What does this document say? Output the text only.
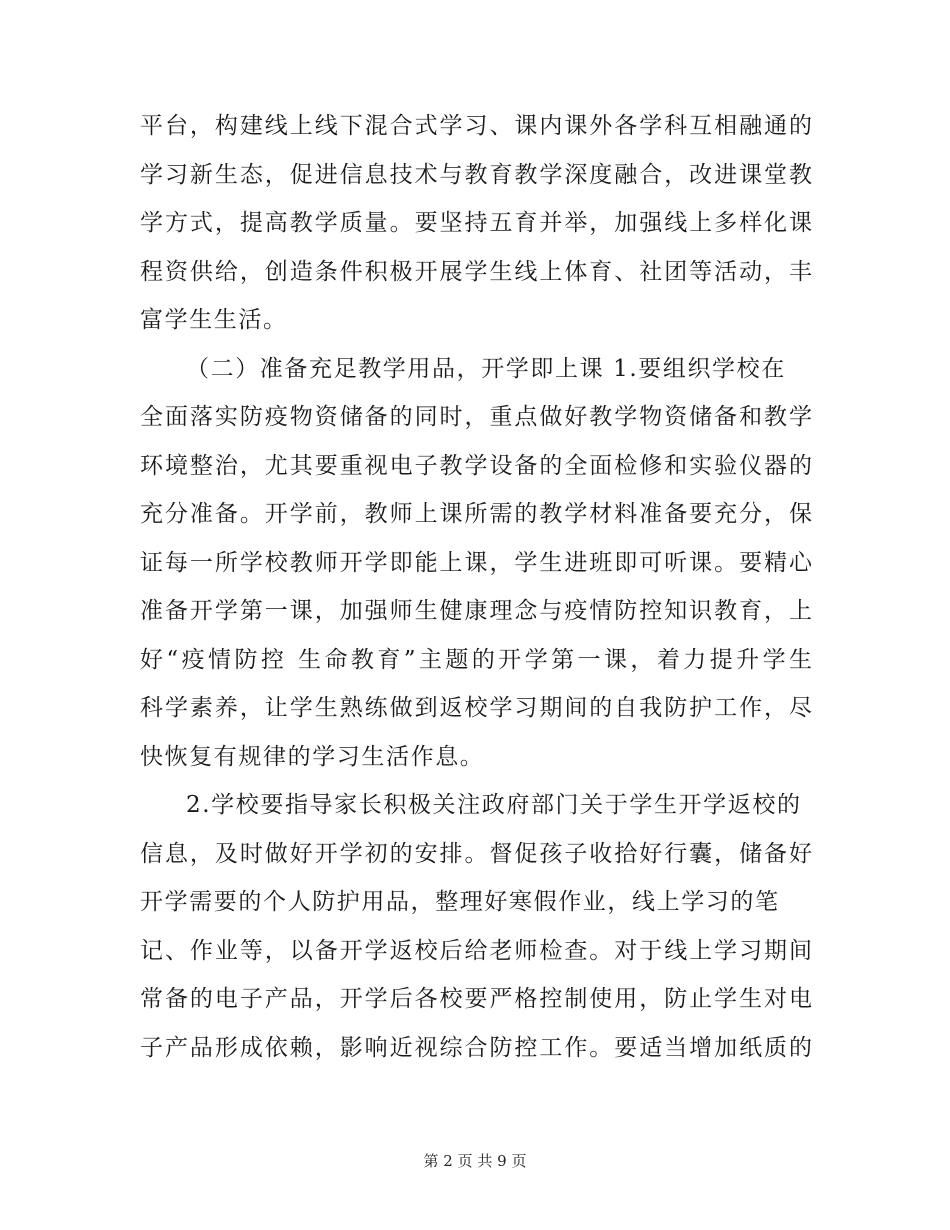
平台，构建线上线下混合式学习、课内课外各学科互相融通的
学习新生态，促进信息技术与教育教学深度融合，改进课堂教
学方式，提高教学质量。要坚持五育并举，加强线上多样化课
程资供给，创造条件积极开展学生线上体育、社团等活动，丰
富学生生活。
（二）准备充足教学用品，开学即上课 1.要组织学校在
全面落实防疫物资储备的同时，重点做好教学物资储备和教学
环境整治，尤其要重视电子教学设备的全面检修和实验仪器的
充分准备。开学前，教师上课所需的教学材料准备要充分，保
证每一所学校教师开学即能上课，学生进班即可听课。要精心
准备开学第一课，加强师生健康理念与疫情防控知识教育，上
好“疫情防控 生命教育”主题的开学第一课，着力提升学生
科学素养，让学生熟练做到返校学习期间的自我防护工作，尽
快恢复有规律的学习生活作息。
2.学校要指导家长积极关注政府部门关于学生开学返校的
信息，及时做好开学初的安排。督促孩子收拾好行囊，储备好
开学需要的个人防护用品，整理好寒假作业，线上学习的笔
记、作业等，以备开学返校后给老师检查。对于线上学习期间
常备的电子产品，开学后各校要严格控制使用，防止学生对电
子产品形成依赖，影响近视综合防控工作。要适当增加纸质的
第 2 页 共 9 页
